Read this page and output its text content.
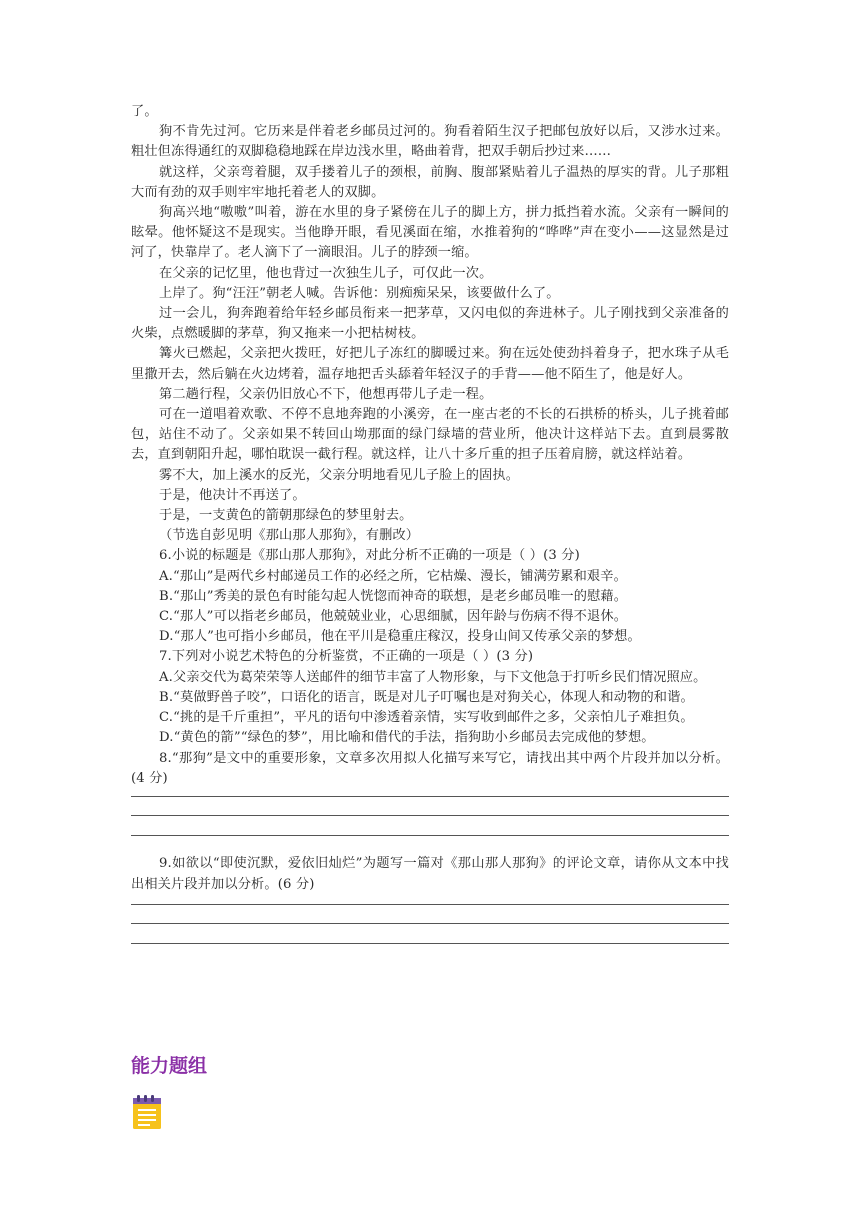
了。

狗不肯先过河。它历来是伴着老乡邮员过河的。狗看着陌生汉子把邮包放好以后，又涉水过来。粗壮但冻得通红的双脚稳稳地踩在岸边浅水里，略曲着背，把双手朝后抄过来……

就这样，父亲弯着腿，双手搂着儿子的颈根，前胸、腹部紧贴着儿子温热的厚实的背。儿子那粗大而有劲的双手则牢牢地托着老人的双脚。

狗高兴地“嗷嗷”叫着，游在水里的身子紧傍在儿子的脚上方，拼力抵挡着水流。父亲有一瞬间的眩晕。他怀疑这不是现实。当他睁开眼，看见溪面在缩，水推着狗的“哗哗”声在变小——这显然是过河了，快靠岸了。老人滴下了一滴眼泪。儿子的脖颈一缩。

在父亲的记忆里，他也背过一次独生儿子，可仅此一次。

上岸了。狗“汪汪”朝老人喊。告诉他：别痴痴呆呆，该要做什么了。

过一会儿，狗奔跑着给年轻乡邮员衔来一把茅草，又闪电似的奔进林子。儿子刚找到父亲准备的火柴，点燃暖脚的茅草，狗又拖来一小把枯树枝。

篝火已燃起，父亲把火拨旺，好把儿子冻红的脚暖过来。狗在远处使劲抖着身子，把水珠子从毛里撒开去，然后躺在火边烤着，温存地把舌头舔着年轻汉子的手背——他不陌生了，他是好人。

第二趟行程，父亲仍旧放心不下，他想再带儿子走一程。

可在一道唱着欢歌、不停不息地奔跑的小溪旁，在一座古老的不长的石拱桥的桥头，儿子挑着邮包，站住不动了。父亲如果不转回山坳那面的绿门绿墙的营业所，他决计这样站下去。直到晨雾散去，直到朝阳升起，哪怕耽误一截行程。就这样，让八十多斤重的担子压着肩膀，就这样站着。

雾不大，加上溪水的反光，父亲分明地看见儿子脸上的固执。

于是，他决计不再送了。

于是，一支黄色的箭朝那绿色的梦里射去。

（节选自彭见明《那山那人那狗》，有删改）

6.小说的标题是《那山那人那狗》，对此分析不正确的一项是（ ）(3 分)

A.“那山”是两代乡村邮递员工作的必经之所，它枯燥、漫长，铺满劳累和艰辛。

B.“那山”秀美的景色有时能勾起人恍惚而神奇的联想，是老乡邮员唯一的慰藉。

C.“那人”可以指老乡邮员，他兢兢业业，心思细腻，因年龄与伤病不得不退休。

D.“那人”也可指小乡邮员，他在平川是稳重庄稼汉，投身山间又传承父亲的梦想。

7.下列对小说艺术特色的分析鉴赏，不正确的一项是（ ）(3 分)

A.父亲交代为葛荣荣等人送邮件的细节丰富了人物形象，与下文他急于打听乡民们情况照应。

B.“莫做野兽子咬”，口语化的语言，既是对儿子叮嘱也是对狗关心，体现人和动物的和谐。

C.“挑的是千斤重担”，平凡的语句中渗透着亲情，实写收到邮件之多，父亲怕儿子难担负。

D.“黄色的箭”“绿色的梦”，用比喻和借代的手法，指狗助小乡邮员去完成他的梦想。

8.“那狗”是文中的重要形象，文章多次用拟人化描写来写它，请找出其中两个片段并加以分析。(4 分)

9.如欲以“即使沉默，爱依旧灿烂”为题写一篇对《那山那人那狗》的评论文章，请你从文本中找出相关片段并加以分析。(6 分)

能力题组
